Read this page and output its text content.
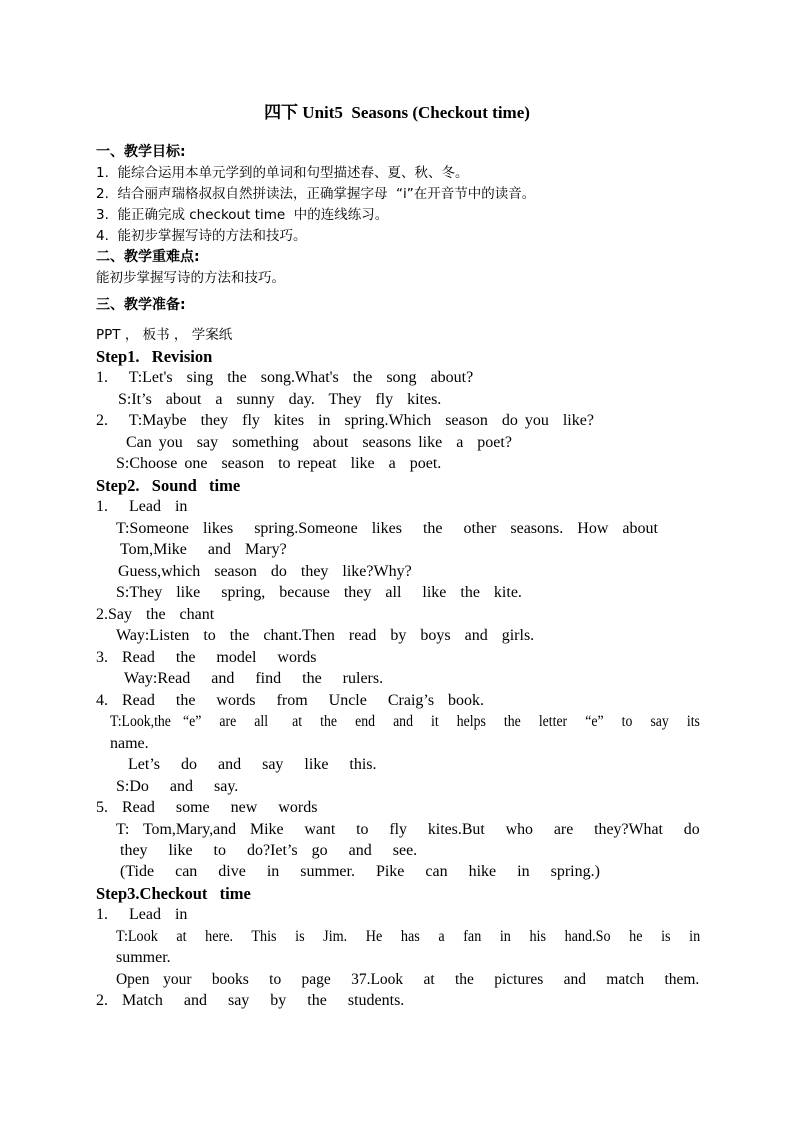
四下 Unit5  Seasons (Checkout time)
一、教学目标:
1.  能综合运用本单元学到的单词和句型描述春、夏、秋、冬。
2.  结合丽声瑞格叔叔自然拼读法，正确掌握字母  “i”在开音节中的读音。
3.  能正确完成 checkout time  中的连线练习。
4.  能初步掌握写诗的方法和技巧。
二、教学重难点:
能初步掌握写诗的方法和技巧。
三、教学准备:
PPT ， 板书 ， 学案纸
Step1.  Revision
1.   T:Let's  sing  the  song.What's  the  song  about?
S:It’s  about  a  sunny  day.  They  fly  kites.
2.   T:Maybe  they  fly  kites  in  spring.Which  season  do you  like?
Can you  say  something  about  seasons like  a  poet?
S:Choose one  season  to repeat  like  a  poet.
Step2.  Sound  time
1.   Lead  in
T:Someone  likes   spring.Someone  likes   the   other  seasons.  How  about
Tom,Mike   and  Mary?
Guess,which  season  do  they  like?Why?
S:They  like   spring,  because  they  all   like  the  kite.
2.Say  the  chant
Way:Listen  to  the  chant.Then  read  by  boys  and  girls.
3.  Read   the   model   words
Way:Read   and   find   the   rulers.
4.  Read   the   words   from   Uncle   Craig’s  book.
T:Look,the  “e”   are   all    at   the   end   and   it   helps   the   letter   “e”   to   say   its
name.
Let’s   do   and   say   like   this.
S:Do   and   say.
5.  Read   some   new   words
T:  Tom,Mary,and  Mike   want   to   fly   kites.But   who   are   they?What   do
they   like   to   do?Iet’s  go   and   see.
(Tide   can   dive   in   summer.   Pike   can   hike   in   spring.)
Step3.Checkout  time
1.   Lead  in
T:Look   at   here.   This   is   Jim.   He   has   a   fan   in   his   hand.So   he   is   in
summer.
Open  your   books   to   page   37.Look   at   the   pictures   and   match   them.
2.  Match   and   say   by   the   students.
